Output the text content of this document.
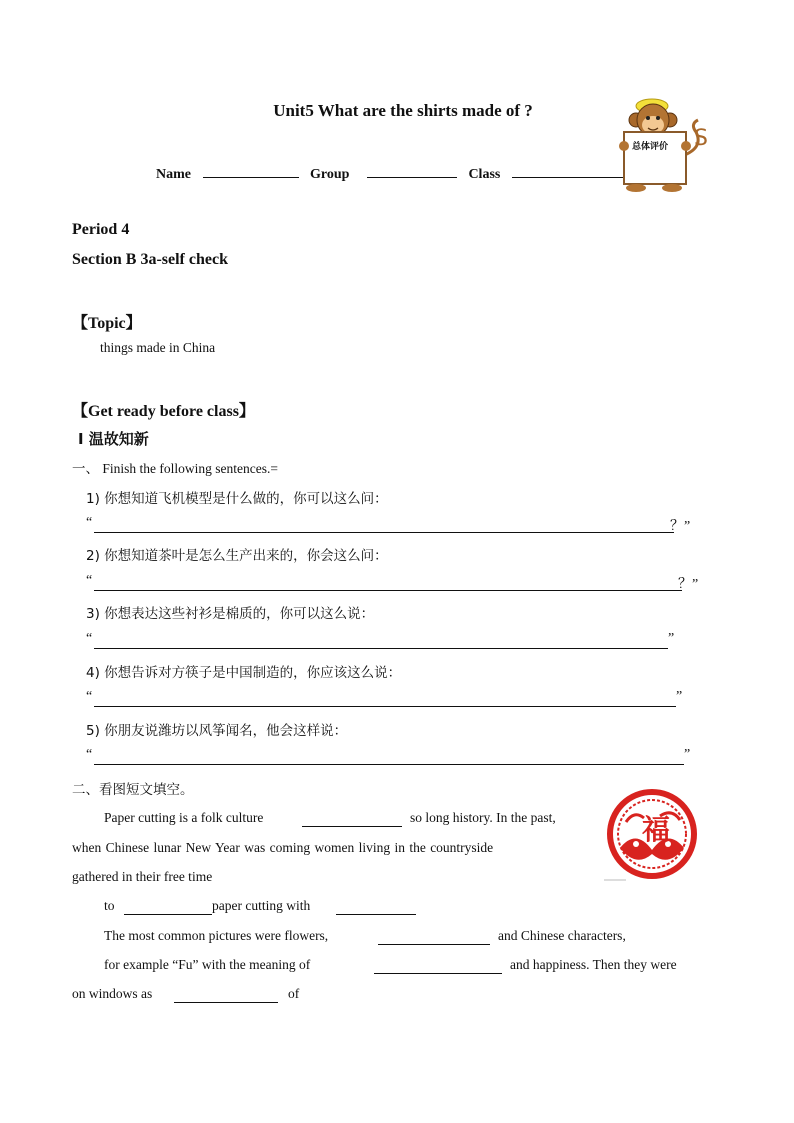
Unit5 What are the shirts made of ?
Name	Group	Class
总体评价 S
Period 4
Section B 3a-self check
【Topic】
things made in China
【Get ready before class】
I 温故知新
一、 Finish the following sentences.=
1) 你想知道飞机模型是什么做的，你可以这么问：
“	？”
2) 你想知道茶叶是怎么生产出来的，你会这么问：
“	？”
3) 你想表达这些衬衫是棉质的，你可以这么说：
“	”
4) 你想告诉对方筷子是中国制造的，你应该这么说：
“	”
5) 你朋友说潍坊以风筝闻名，他会这样说：
“	”
二、看图短文填空。
福
Paper cutting is a folk culture	so long history. In the past,
when Chinese lunar New Year was coming women living in the countryside
gathered in their free time
to	paper cutting with
The most common pictures were flowers,	and Chinese characters,
for example “Fu” with the meaning of	and happiness. Then they were
on windows as	of
